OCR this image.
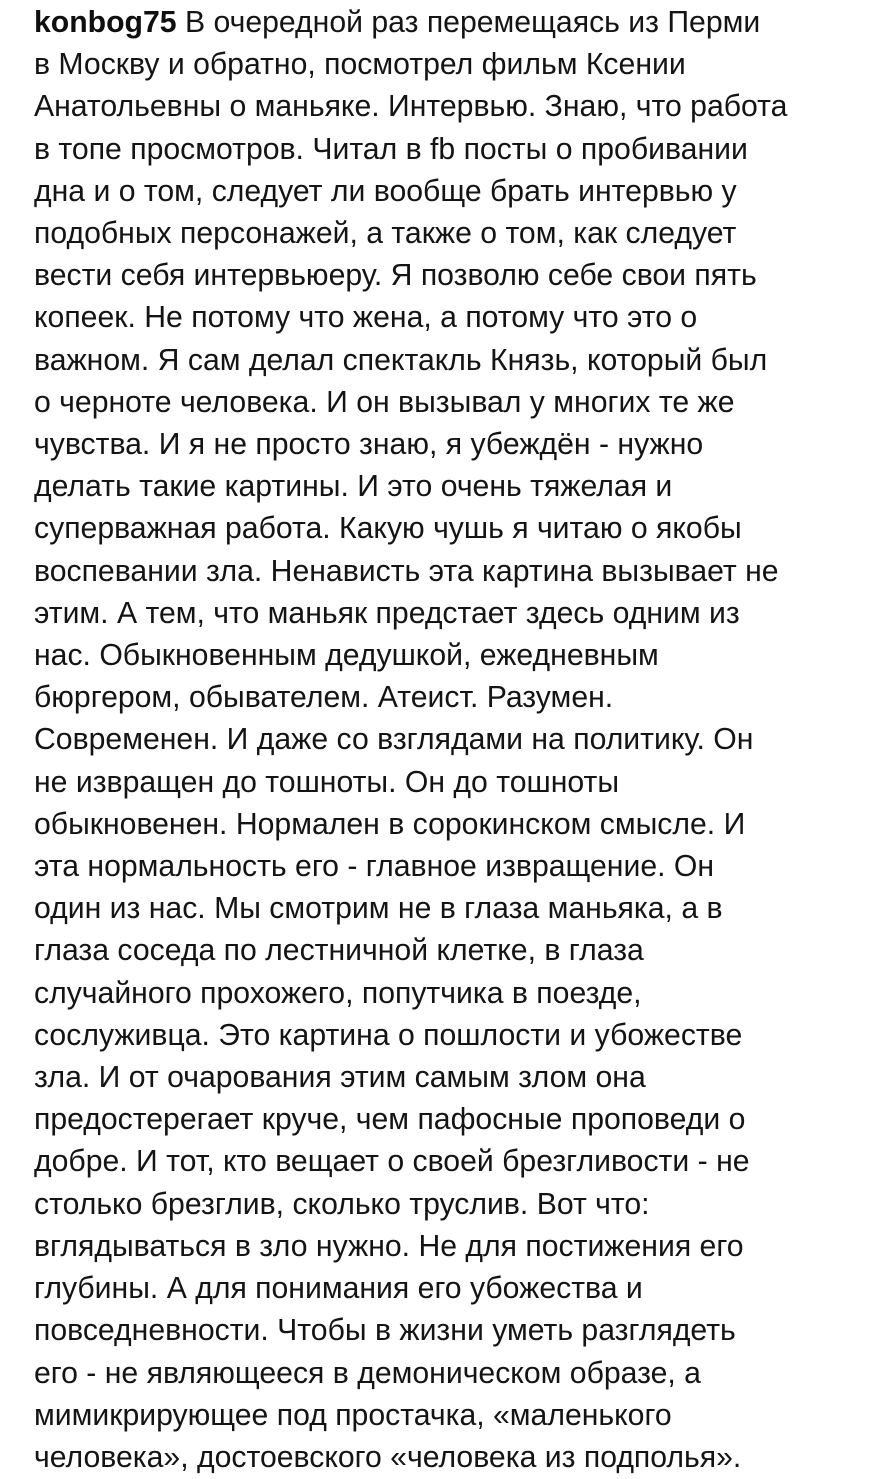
konbog75 В очередной раз перемещаясь из Перми
в Москву и обратно, посмотрел фильм Ксении
Анатольевны о маньяке. Интервью. Знаю, что работа
в топе просмотров. Читал в fb посты о пробивании
дна и о том, следует ли вообще брать интервью у
подобных персонажей, а также о том, как следует
вести себя интервьюеру. Я позволю себе свои пять
копеек. Не потому что жена, а потому что это о
важном. Я сам делал спектакль Князь, который был
о черноте человека. И он вызывал у многих те же
чувства. И я не просто знаю, я убеждён - нужно
делать такие картины. И это очень тяжелая и
суперважная работа. Какую чушь я читаю о якобы
воспевании зла. Ненависть эта картина вызывает не
этим. А тем, что маньяк предстает здесь одним из
нас. Обыкновенным дедушкой, ежедневным
бюргером, обывателем. Атеист. Разумен.
Современен. И даже со взглядами на политику. Он
не извращен до тошноты. Он до тошноты
обыкновенен. Нормален в сорокинском смысле. И
эта нормальность его - главное извращение. Он
один из нас. Мы смотрим не в глаза маньяка, а в
глаза соседа по лестничной клетке, в глаза
случайного прохожего, попутчика в поезде,
сослуживца. Это картина о пошлости и убожестве
зла. И от очарования этим самым злом она
предостерегает круче, чем пафосные проповеди о
добре. И тот, кто вещает о своей брезгливости - не
столько брезглив, сколько труслив. Вот что:
вглядываться в зло нужно. Не для постижения его
глубины. А для понимания его убожества и
повседневности. Чтобы в жизни уметь разглядеть
его - не являющееся в демоническом образе, а
мимикрирующее под простачка, «маленького
человека», достоевского «человека из подполья».
